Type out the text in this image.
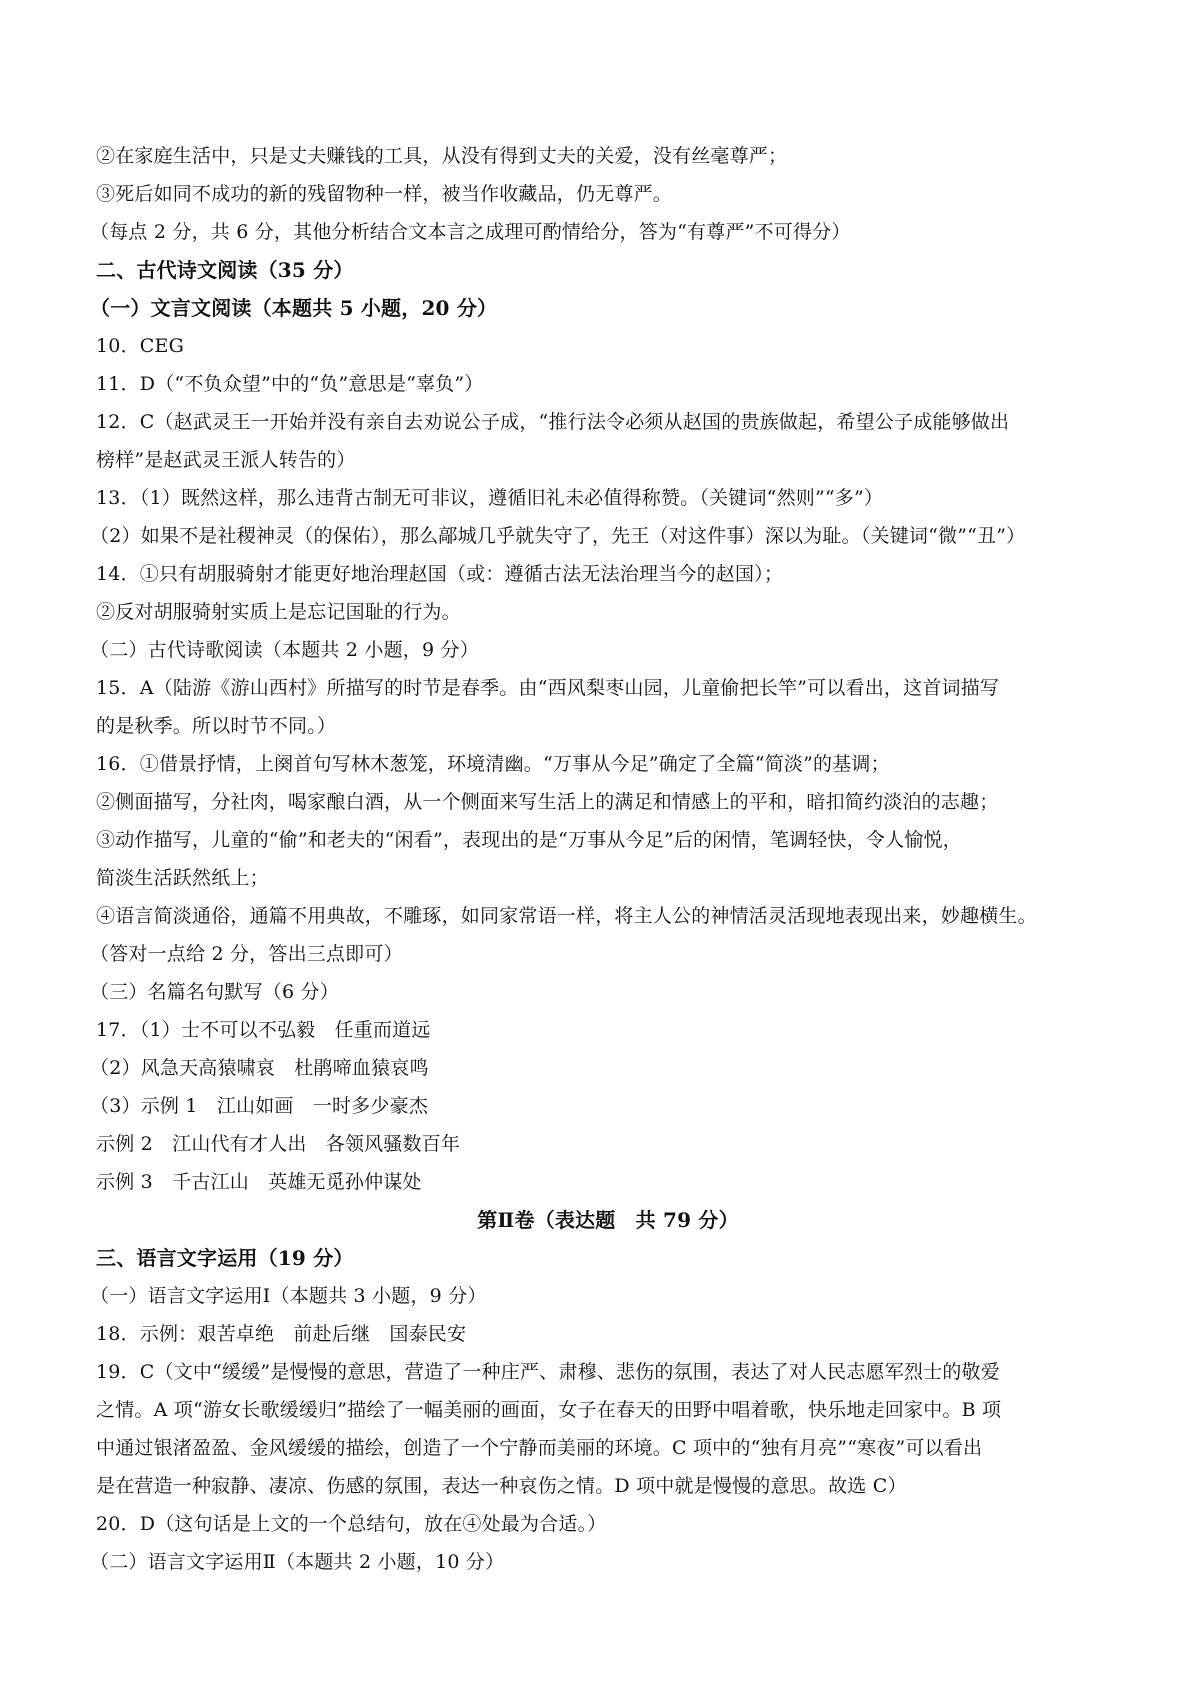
②在家庭生活中，只是丈夫赚钱的工具，从没有得到丈夫的关爱，没有丝毫尊严；
③死后如同不成功的新的残留物种一样，被当作收藏品，仍无尊严。
（每点 2 分，共 6 分，其他分析结合文本言之成理可酌情给分，答为“有尊严”不可得分）
二、古代诗文阅读（35 分）
（一）文言文阅读（本题共 5 小题，20 分）
10．CEG
11．D（“不负众望”中的“负”意思是“辜负”）
12．C（赵武灵王一开始并没有亲自去劝说公子成，“推行法令必须从赵国的贵族做起，希望公子成能够做出
榜样”是赵武灵王派人转告的）
13．（1）既然这样，那么违背古制无可非议，遵循旧礼未必值得称赞。（关键词“然则”“多”）
（2）如果不是社稷神灵（的保佑），那么鄗城几乎就失守了，先王（对这件事）深以为耻。（关键词“微”“丑”）
14．①只有胡服骑射才能更好地治理赵国（或：遵循古法无法治理当今的赵国）；
②反对胡服骑射实质上是忘记国耻的行为。
（二）古代诗歌阅读（本题共 2 小题，9 分）
15．A（陆游《游山西村》所描写的时节是春季。由“西风梨枣山园，儿童偷把长竿”可以看出，这首词描写
的是秋季。所以时节不同。）
16．①借景抒情，上阕首句写林木葱笼，环境清幽。“万事从今足”确定了全篇“简淡”的基调；
②侧面描写，分社肉，喝家酿白酒，从一个侧面来写生活上的满足和情感上的平和，暗扣简约淡泊的志趣；
③动作描写，儿童的“偷”和老夫的“闲看”，表现出的是“万事从今足”后的闲情，笔调轻快，令人愉悦，
简淡生活跃然纸上；
④语言简淡通俗，通篇不用典故，不雕琢，如同家常语一样，将主人公的神情活灵活现地表现出来，妙趣横生。
（答对一点给 2 分，答出三点即可）
（三）名篇名句默写（6 分）
17．（1）士不可以不弘毅　任重而道远
（2）风急天高猿啸哀　杜鹃啼血猿哀鸣
（3）示例 1　江山如画　一时多少豪杰
示例 2　江山代有才人出　各领风骚数百年
示例 3　千古江山　英雄无觅孙仲谋处
第Ⅱ卷（表达题　共 79 分）
三、语言文字运用（19 分）
（一）语言文字运用Ⅰ（本题共 3 小题，9 分）
18．示例：艰苦卓绝　前赴后继　国泰民安
19．C（文中“缓缓”是慢慢的意思，营造了一种庄严、肃穆、悲伤的氛围，表达了对人民志愿军烈士的敬爱
之情。A 项“游女长歌缓缓归”描绘了一幅美丽的画面，女子在春天的田野中唱着歌，快乐地走回家中。B 项
中通过银渚盈盈、金风缓缓的描绘，创造了一个宁静而美丽的环境。C 项中的“独有月亮”“寒夜”可以看出
是在营造一种寂静、凄凉、伤感的氛围，表达一种哀伤之情。D 项中就是慢慢的意思。故选 C）
20．D（这句话是上文的一个总结句，放在④处最为合适。）
（二）语言文字运用Ⅱ（本题共 2 小题，10 分）
